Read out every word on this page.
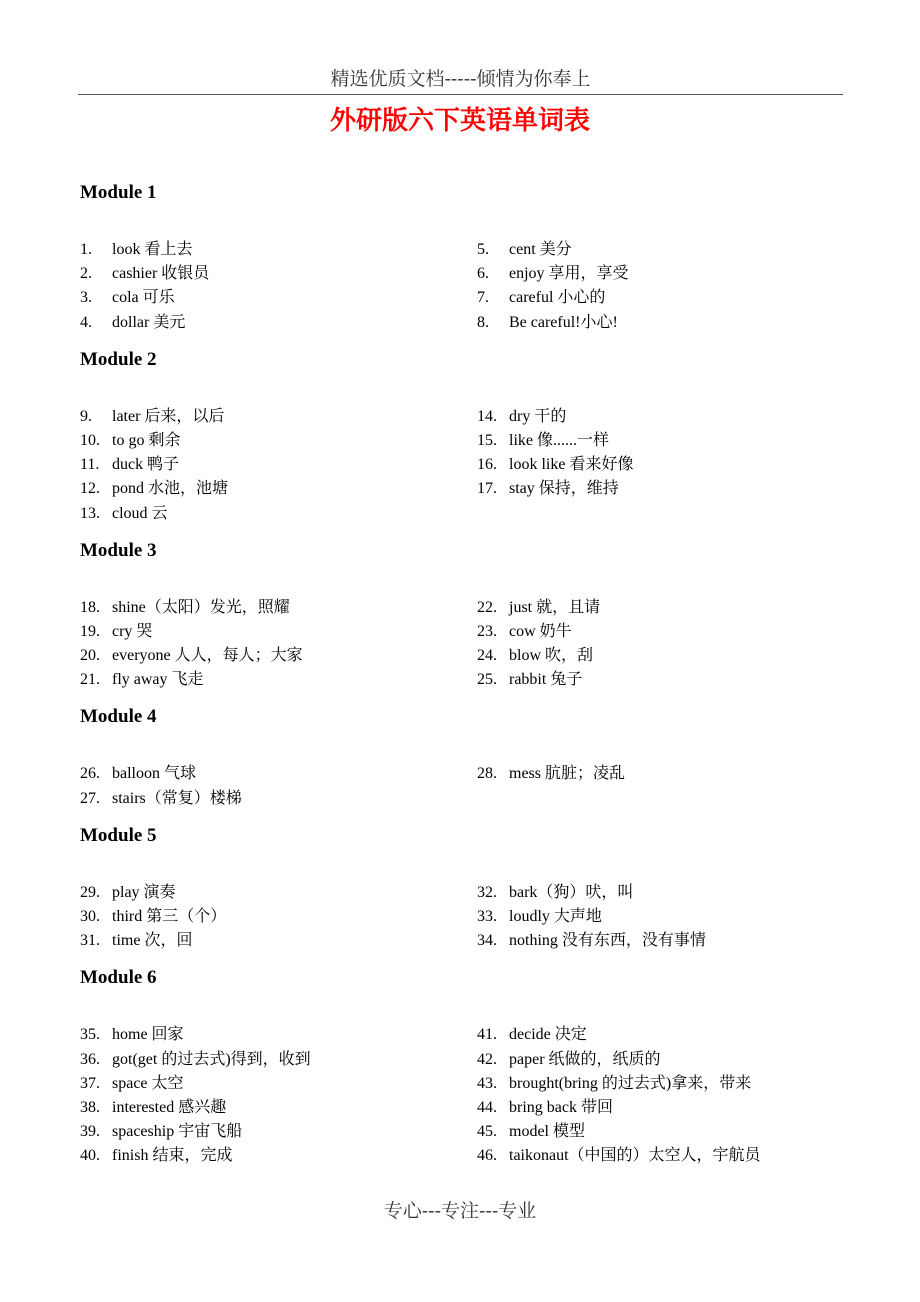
精选优质文档-----倾情为你奉上
外研版六下英语单词表
Module 1
1.	look 看上去
2.	cashier 收银员
3.	cola 可乐
4.	dollar 美元
5.	cent 美分
6.	enjoy 享用，享受
7.	careful 小心的
8.	Be careful!小心!
Module 2
9.	later 后来，以后
10. to go 剩余
11. duck 鸭子
12. pond 水池，池塘
13. cloud 云
14. dry 干的
15. like 像......一样
16. look like 看来好像
17. stay 保持，维持
Module 3
18. shine（太阳）发光，照耀
19. cry 哭
20. everyone 人人，每人；大家
21. fly away 飞走
22. just 就，且请
23. cow 奶牛
24. blow 吹，刮
25. rabbit 兔子
Module 4
26. balloon 气球
27. stairs（常复）楼梯
28. mess 肮脏；凌乱
Module 5
29. play 演奏
30. third 第三（个）
31. time 次，回
32. bark（狗）吠，叫
33. loudly 大声地
34. nothing 没有东西，没有事情
Module 6
35. home 回家
36. got(get 的过去式)得到，收到
37. space 太空
38. interested 感兴趣
39. spaceship 宇宙飞船
40. finish 结束，完成
41. decide 决定
42. paper 纸做的，纸质的
43. brought(bring 的过去式)拿来，带来
44. bring back 带回
45. model 模型
46. taikonaut（中国的）太空人，宇航员
专心---专注---专业
